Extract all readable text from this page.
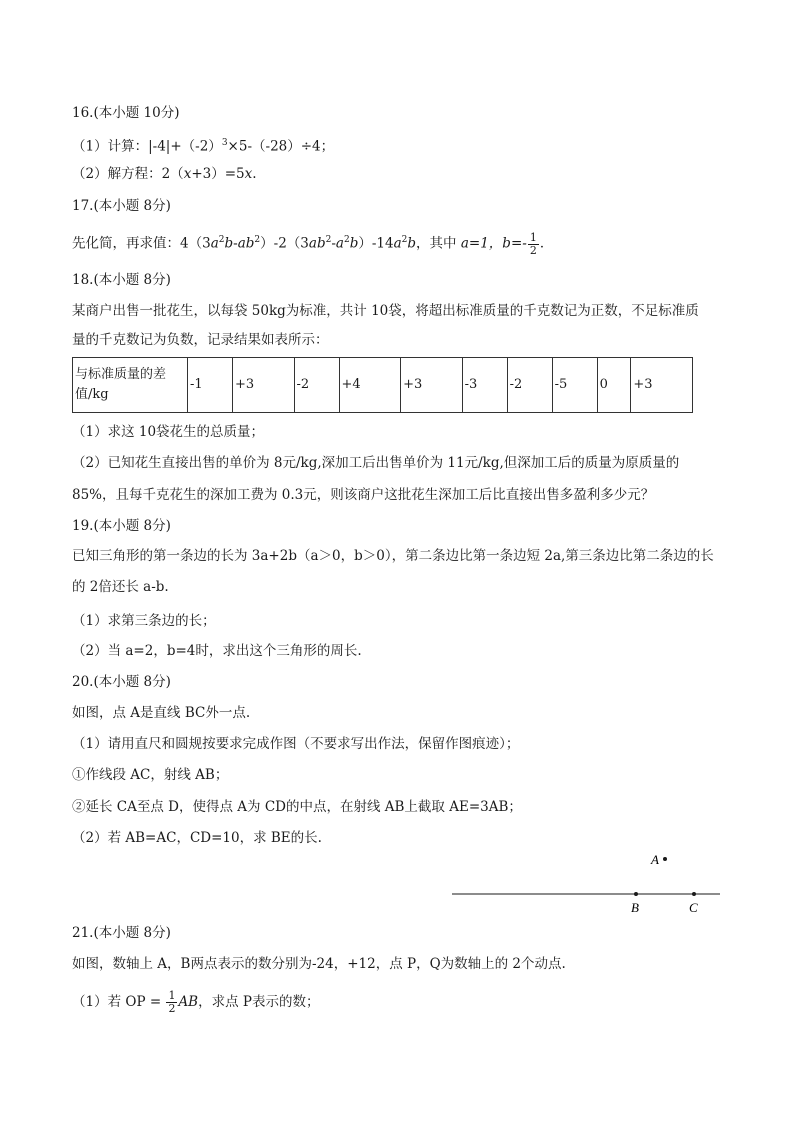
16.(本小题 10分)
（1）计算：$|-4|+(-2)^3\times 5-(-28)\div 4$；
（2）解方程：2（x+3）=5x.
17.(本小题 8分)
先化简，再求值：$4(3a^2b-ab^2)-2(3ab^2-a^2b)-14a^2b$，其中 a=1，$b=- \frac{1}{2}$ ．
18.(本小题 8分)
某商户出售一批花生，以每袋 50kg为标准，共计 10袋，将超出标准质量的千克数记为正数，不足标准质
量的千克数记为负数，记录结果如表所示：
与标准质量的差
值/kg	-1	+3	-2	+4	+3	-3	-2	-5	0	+3
（1）求这 10袋花生的总质量；
（2）已知花生直接出售的单价为 8元/kg,深加工后出售单价为 11元/kg,但深加工后的质量为原质量的
85%，且每千克花生的深加工费为 0.3元，则该商户这批花生深加工后比直接出售多盈利多少元？
19.(本小题 8分)
已知三角形的第一条边的长为 3a+2b（a＞0，b＞0），第二条边比第一条边短 2a,第三条边比第二条边的长
的 2倍还长 a-b.
（1）求第三条边的长；
（2）当 a=2，b=4时，求出这个三角形的周长.
20.(本小题 8分)
如图，点 A是直线 BC外一点.
（1）请用直尺和圆规按要求完成作图（不要求写出作法，保留作图痕迹）；
①作线段 AC，射线 AB；
②延长 CA至点 D，使得点 A为 CD的中点，在射线 AB上截取 AE=3AB；
（2）若 AB=AC，CD=10，求 BE的长.
A
B	C
21.(本小题 8分)
如图，数轴上 A，B两点表示的数分别为-24，+12，点 P，Q为数轴上的 2个动点.
（1）若 OP = $\frac{1}{2}$ AB，求点 P表示的数；
